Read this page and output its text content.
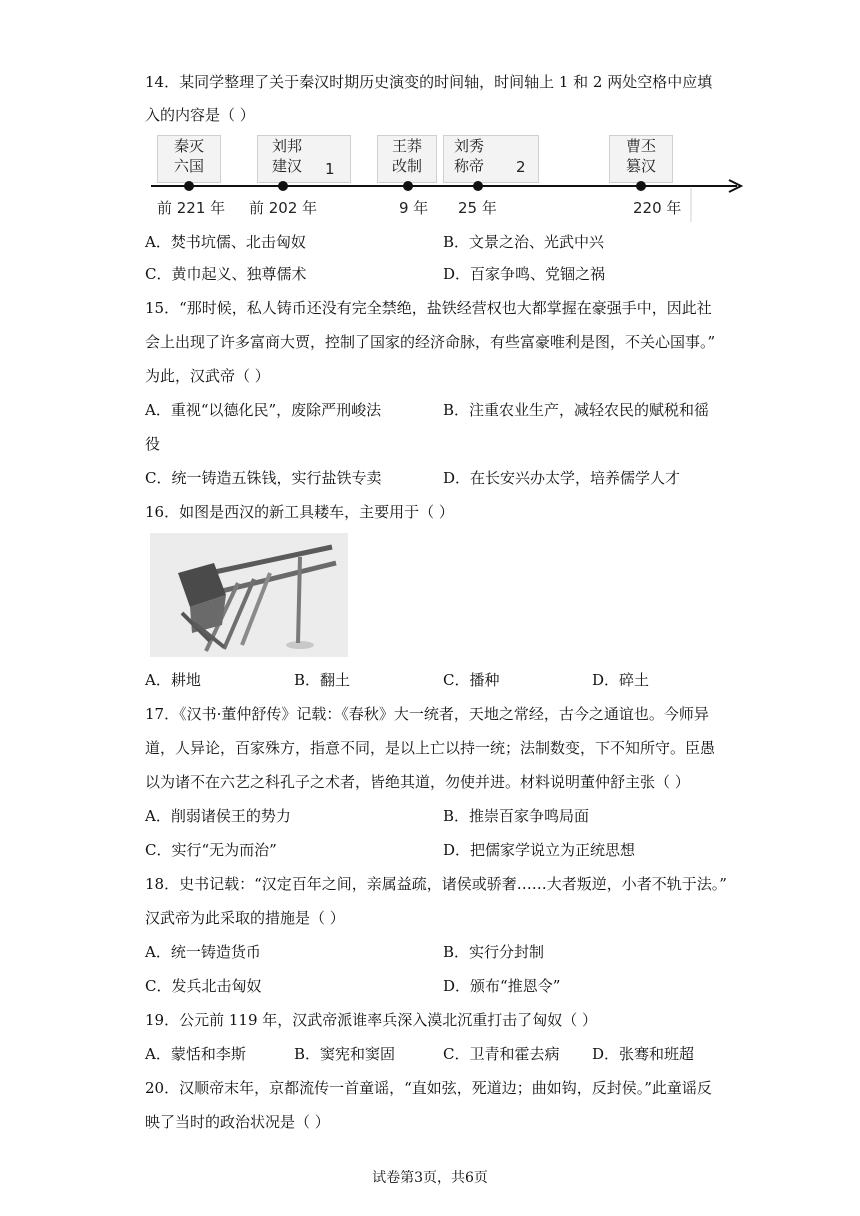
14．某同学整理了关于秦汉时期历史演变的时间轴，时间轴上 1 和 2 两处空格中应填
入的内容是（ ）
秦灭
六国
刘邦
建汉	1
王莽
改制
刘秀
称帝	2
曹丕
篡汉
前 221 年 前 202 年	9 年 25 年	220 年
A．焚书坑儒、北击匈奴	B．文景之治、光武中兴
C．黄巾起义、独尊儒术	D．百家争鸣、党锢之祸
15．“那时候，私人铸币还没有完全禁绝，盐铁经营权也大都掌握在豪强手中，因此社
会上出现了许多富商大贾，控制了国家的经济命脉，有些富豪唯利是图，不关心国事。”
为此，汉武帝（ ）
A．重视“以德化民”，废除严刑峻法	B．注重农业生产，减轻农民的赋税和徭
役
C．统一铸造五铢钱，实行盐铁专卖	D．在长安兴办太学，培养儒学人才
16．如图是西汉的新工具耧车，主要用于（ ）
A．耕地	B．翻土	C．播种	D．碎土
17．《汉书·董仲舒传》记载：《春秋》大一统者，天地之常经，古今之通谊也。今师异
道，人异论，百家殊方，指意不同，是以上亡以持一统；法制数变，下不知所守。臣愚
以为诸不在六艺之科孔子之术者，皆绝其道，勿使并进。材料说明董仲舒主张（ ）
A．削弱诸侯王的势力	B．推崇百家争鸣局面
C．实行“无为而治”	D．把儒家学说立为正统思想
18．史书记载：“汉定百年之间，亲属益疏，诸侯或骄奢……大者叛逆，小者不轨于法。”
汉武帝为此采取的措施是（ ）
A．统一铸造货币	B．实行分封制
C．发兵北击匈奴	D．颁布“推恩令”
19．公元前 119 年，汉武帝派谁率兵深入漠北沉重打击了匈奴（ ）
A．蒙恬和李斯	B．窦宪和窦固	C．卫青和霍去病 D．张骞和班超
20．汉顺帝末年，京都流传一首童谣，“直如弦，死道边；曲如钩，反封侯。”此童谣反
映了当时的政治状况是（ ）
试卷第3页，共6页
